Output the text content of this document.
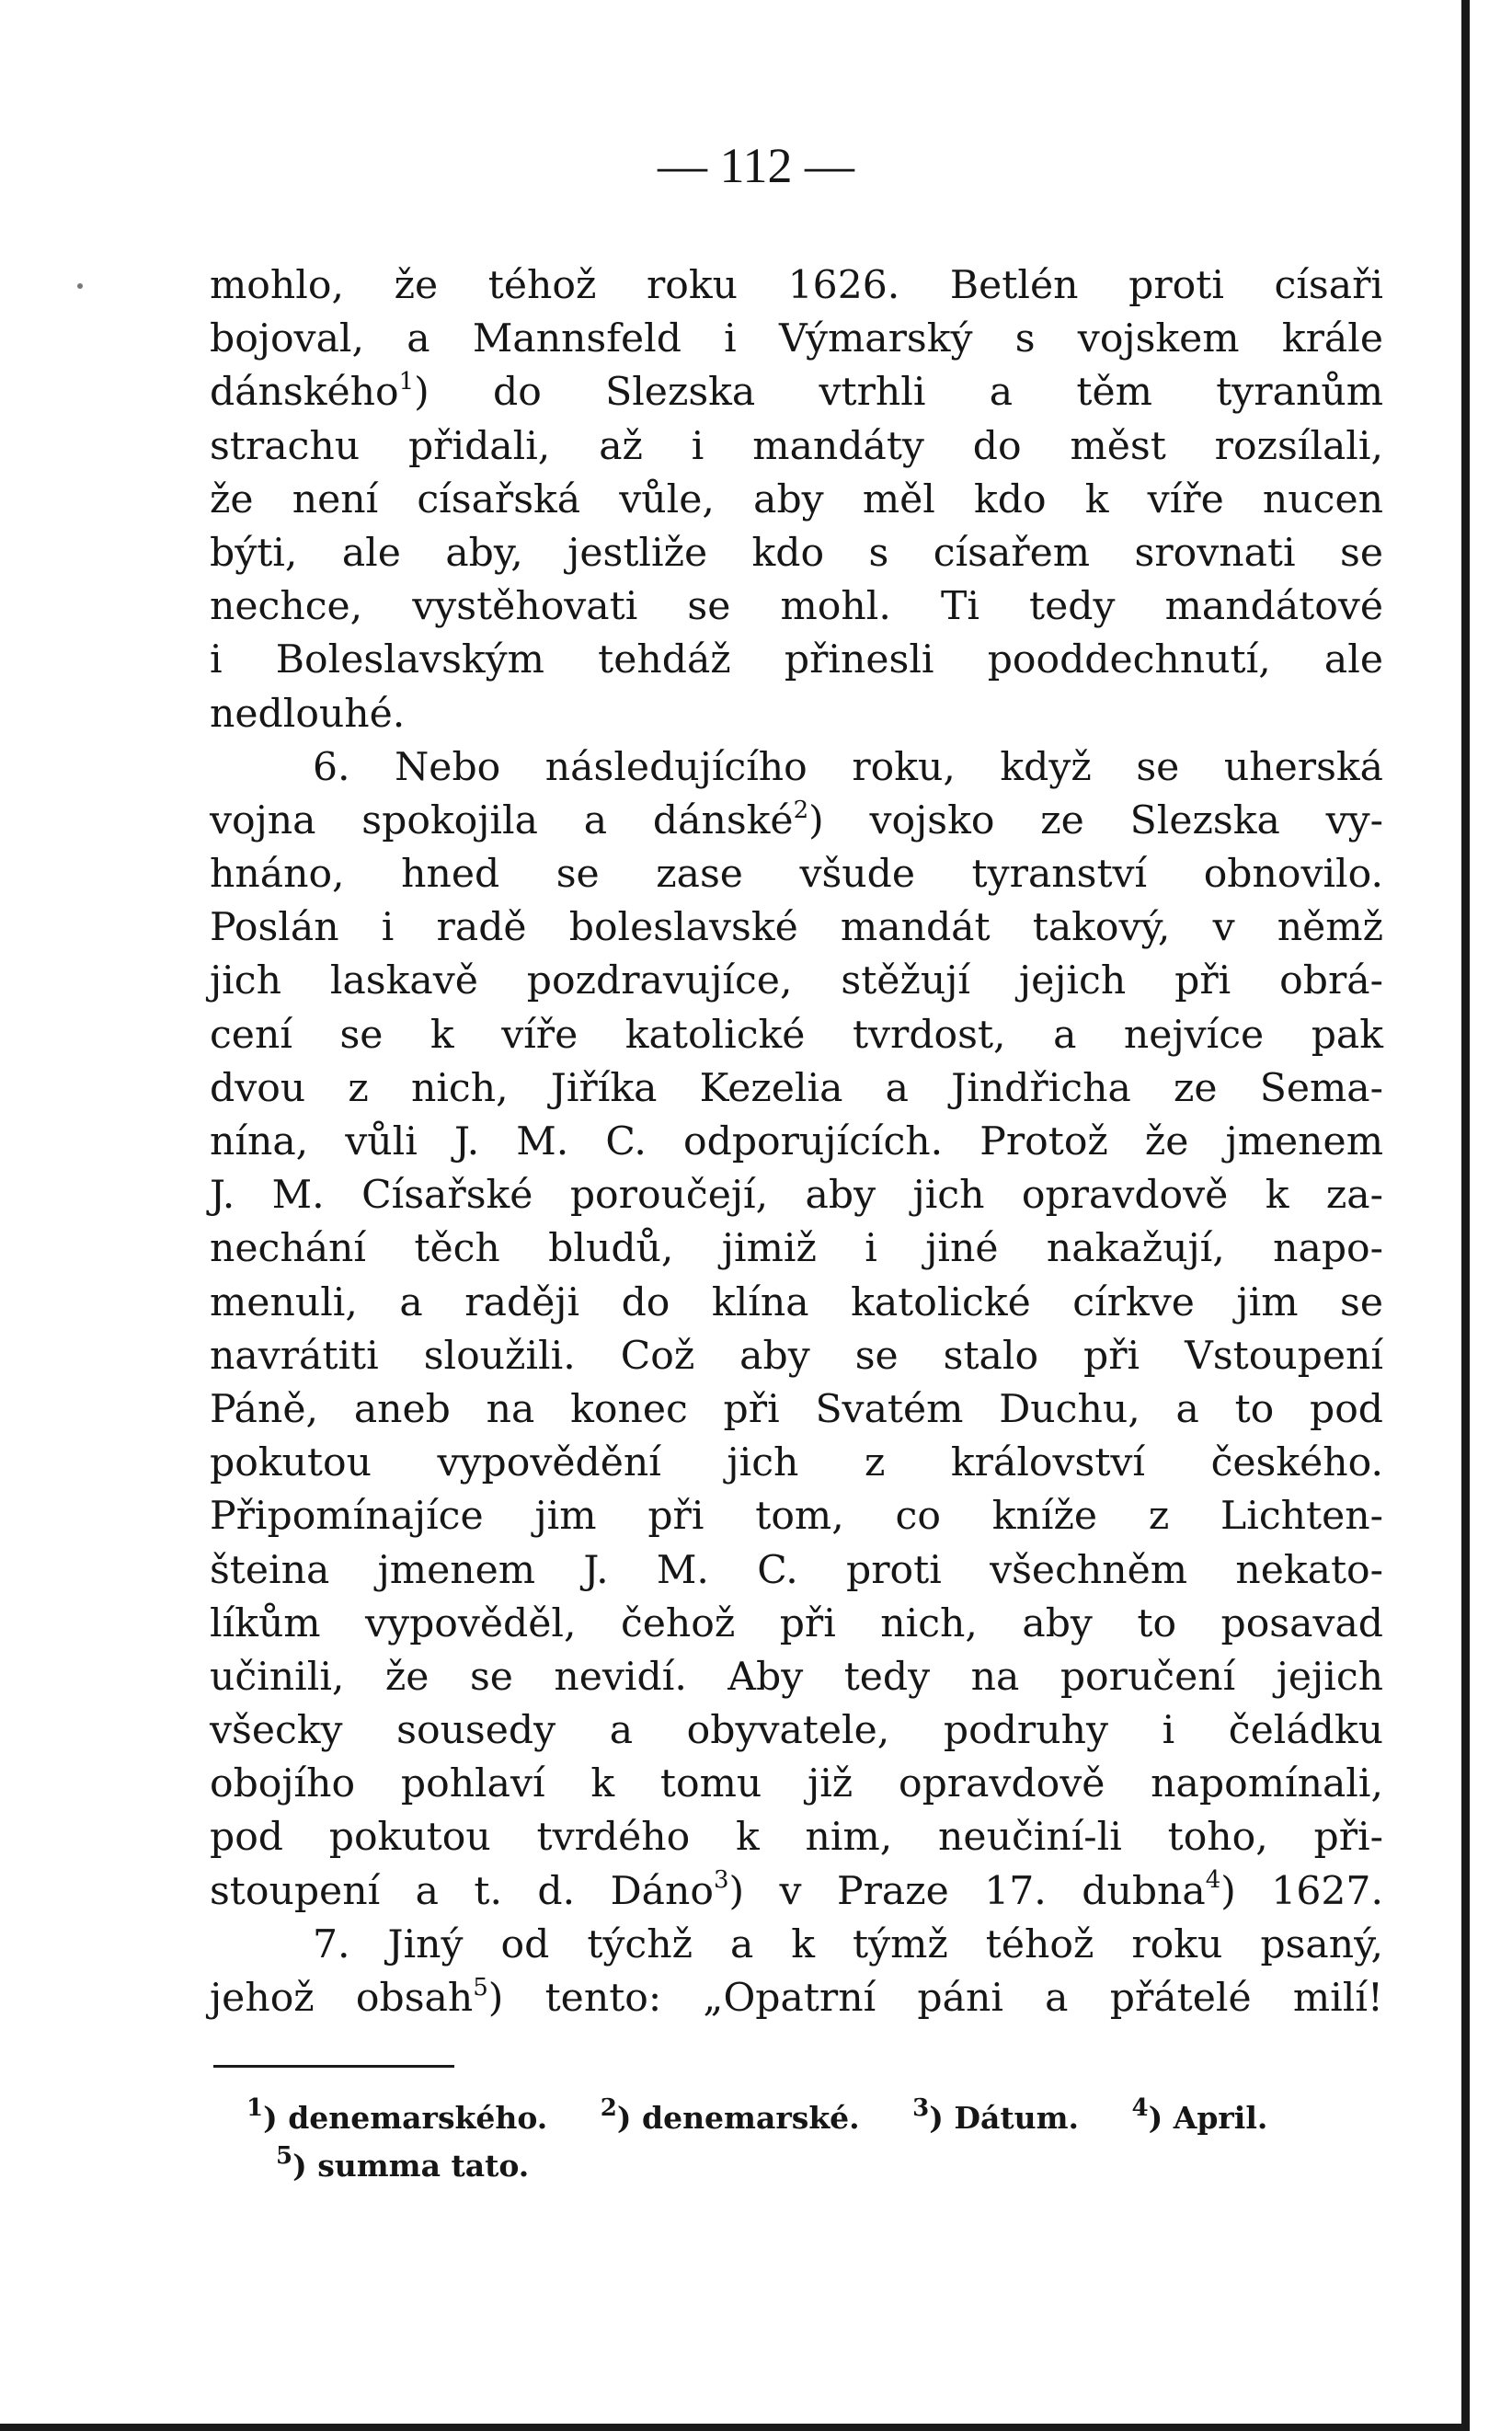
— 112 —
mohlo, že téhož roku 1626. Betlén proti císaři
bojoval, a Mannsfeld i Výmarský s vojskem krále
dánského$^1$) do Slezska vtrhli a těm tyranům
strachu přidali, až i mandáty do měst rozsílali,
že není císařská vůle, aby měl kdo k víře nucen
býti, ale aby, jestliže kdo s císařem srovnati se
nechce, vystěhovati se mohl. Ti tedy mandátové
i Boleslavským tehdáž přinesli pooddechnutí, ale
nedlouhé.
6. Nebo následujícího roku, když se uherská
vojna spokojila a dánské$^2$) vojsko ze Slezska vy-
hnáno, hned se zase všude tyranství obnovilo.
Poslán i radě boleslavské mandát takový, v němž
jich laskavě pozdravujíce, stěžují jejich při obrá-
cení se k víře katolické tvrdost, a nejvíce pak
dvou z nich, Jiříka Kezelia a Jindřicha ze Sema-
nína, vůli J. M. C. odporujících. Protož že jmenem
J. M. Císařské poroučejí, aby jich opravdově k za-
nechání těch bludů, jimiž i jiné nakažují, napo-
menuli, a raději do klína katolické církve jim se
navrátiti sloužili. Což aby se stalo při Vstoupení
Páně, aneb na konec při Svatém Duchu, a to pod
pokutou vypovědění jich z království českého.
Připomínajíce jim při tom, co kníže z Lichten-
šteina jmenem J. M. C. proti všechněm nekato-
líkům vypověděl, čehož při nich, aby to posavad
učinili, že se nevidí. Aby tedy na poručení jejich
všecky sousedy a obyvatele, podruhy i čeládku
obojího pohlaví k tomu již opravdově napomínali,
pod pokutou tvrdého k nim, neučiní-li toho, při-
stoupení a t. d. Dáno$^3$) v Praze 17. dubna$^4$) 1627.
7. Jiný od týchž a k týmž téhož roku psaný,
jehož obsah$^5$) tento: „Opatrní páni a přátelé milí!
$^1$) denemarského. $^2$) denemarské. $^3$) Dátum. $^4$) April.
$^5$) summa tato.
